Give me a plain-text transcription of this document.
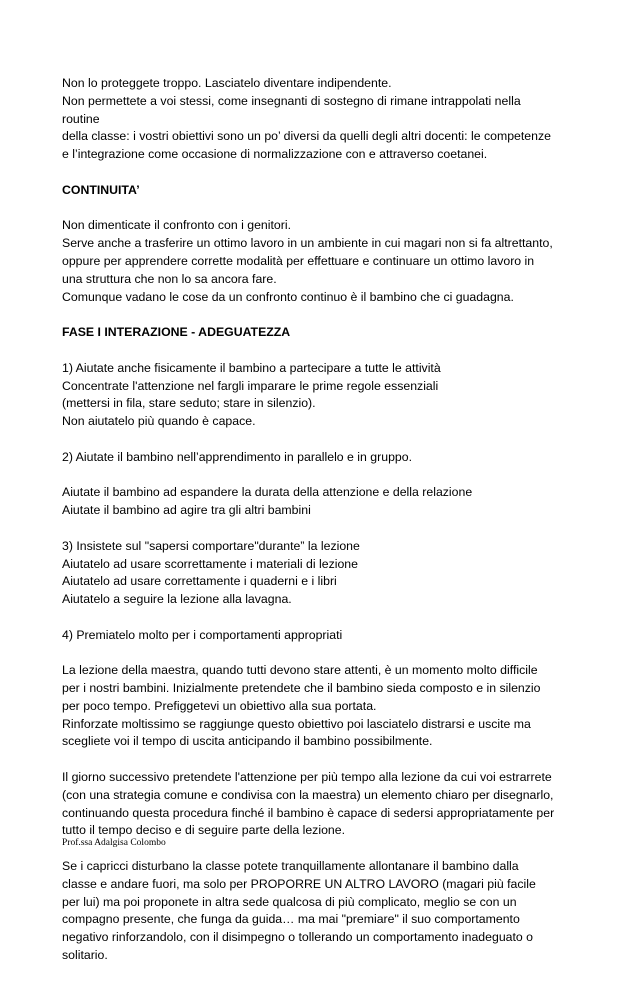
Non lo proteggete troppo. Lasciatelo diventare indipendente.
Non permettete a voi stessi, come insegnanti di sostegno di rimane intrappolati nella
routine
della classe: i vostri obiettivi sono un po’ diversi da quelli degli altri docenti: le competenze
e l’integrazione come occasione di normalizzazione con e attraverso coetanei.

CONTINUITA’

Non dimenticate il confronto con i genitori.
Serve anche a trasferire un ottimo lavoro in un ambiente in cui magari non si fa altrettanto,
oppure per apprendere corrette modalità per effettuare e continuare un ottimo lavoro in
una struttura che non lo sa ancora fare.
Comunque vadano le cose da un confronto continuo è il bambino che ci guadagna.

FASE I INTERAZIONE - ADEGUATEZZA

1) Aiutate anche fisicamente il bambino a partecipare a tutte le attività
Concentrate l'attenzione nel fargli imparare le prime regole essenziali
(mettersi in fila, stare seduto; stare in silenzio).
Non aiutatelo più quando è capace.

2) Aiutate il bambino nell’apprendimento in parallelo e in gruppo.

Aiutate il bambino ad espandere la durata della attenzione e della relazione
Aiutate il bambino ad agire tra gli altri bambini

3) Insistete sul "sapersi comportare"durante” la lezione
Aiutatelo ad usare scorrettamente i materiali di lezione
Aiutatelo ad usare correttamente i quaderni e i libri
Aiutatelo a seguire la lezione alla lavagna.

4) Premiatelo molto per i comportamenti appropriati

La lezione della maestra, quando tutti devono stare attenti, è un momento molto difficile
per i nostri bambini. Inizialmente pretendete che il bambino sieda composto e in silenzio
per poco tempo. Prefiggetevi un obiettivo alla sua portata.
Rinforzate moltissimo se raggiunge questo obiettivo poi lasciatelo distrarsi e uscite ma
scegliete voi il tempo di uscita anticipando il bambino possibilmente.

Il giorno successivo pretendete l'attenzione per più tempo alla lezione da cui voi estrarrete
(con una strategia comune e condivisa con la maestra) un elemento chiaro per disegnarlo,
continuando questa procedura finché il bambino è capace di sedersi appropriatamente per
tutto il tempo deciso e di seguire parte della lezione.

Se i capricci disturbano la classe potete tranquillamente allontanare il bambino dalla
classe e andare fuori, ma solo per PROPORRE UN ALTRO LAVORO (magari più facile
per lui) ma poi proponete in altra sede qualcosa di più complicato, meglio se con un
compagno presente, che funga da guida… ma mai "premiare" il suo comportamento
negativo rinforzandolo, con il disimpegno o tollerando un comportamento inadeguato o
solitario.

Prof.ssa Adalgisa Colombo
